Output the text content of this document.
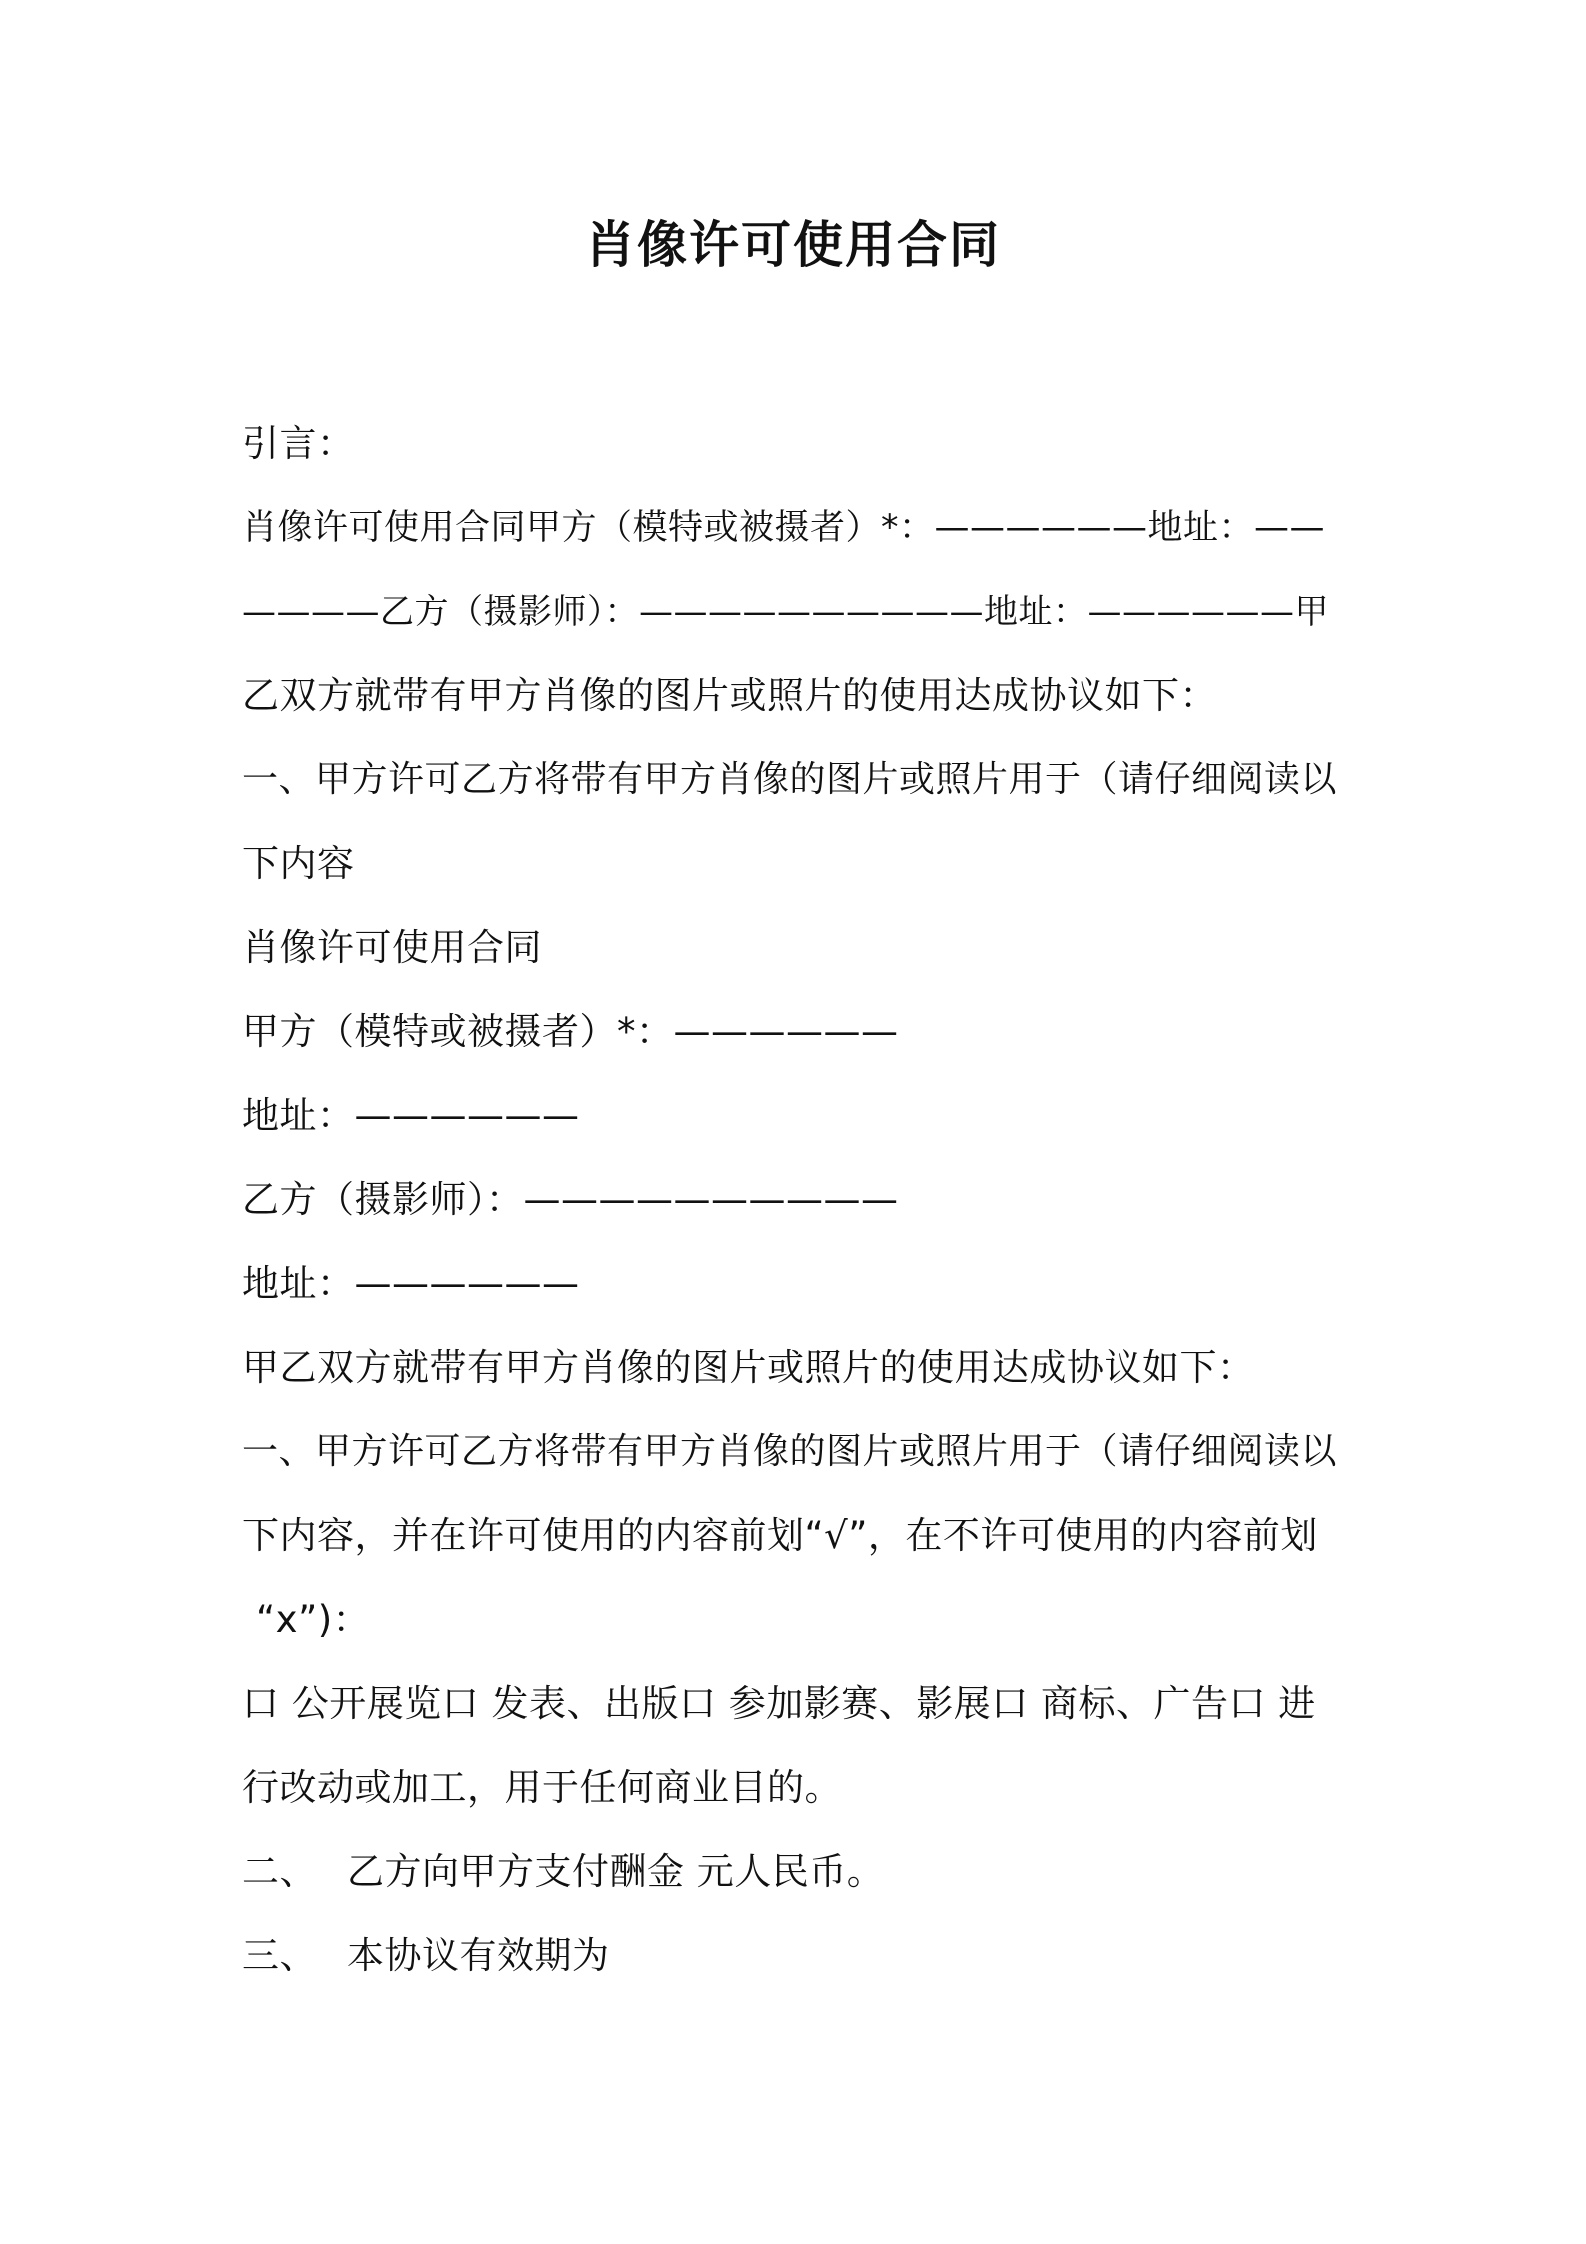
肖像许可使用合同
引言：
肖像许可使用合同甲方（模特或被摄者）*：——————地址：——
————乙方（摄影师）：——————————地址：——————甲
乙双方就带有甲方肖像的图片或照片的使用达成协议如下：
一、甲方许可乙方将带有甲方肖像的图片或照片用于（请仔细阅读以
下内容
肖像许可使用合同
甲方（模特或被摄者）*：——————
地址：——————
乙方（摄影师）：——————————
地址：——————
甲乙双方就带有甲方肖像的图片或照片的使用达成协议如下：
一、甲方许可乙方将带有甲方肖像的图片或照片用于（请仔细阅读以
下内容，并在许可使用的内容前划“√”，在不许可使用的内容前划
“x”)：
口 公开展览口 发表、出版口 参加影赛、影展口 商标、广告口 进
行改动或加工，用于任何商业目的。
二、 乙方向甲方支付酬金 元人民币。
三、 本协议有效期为
